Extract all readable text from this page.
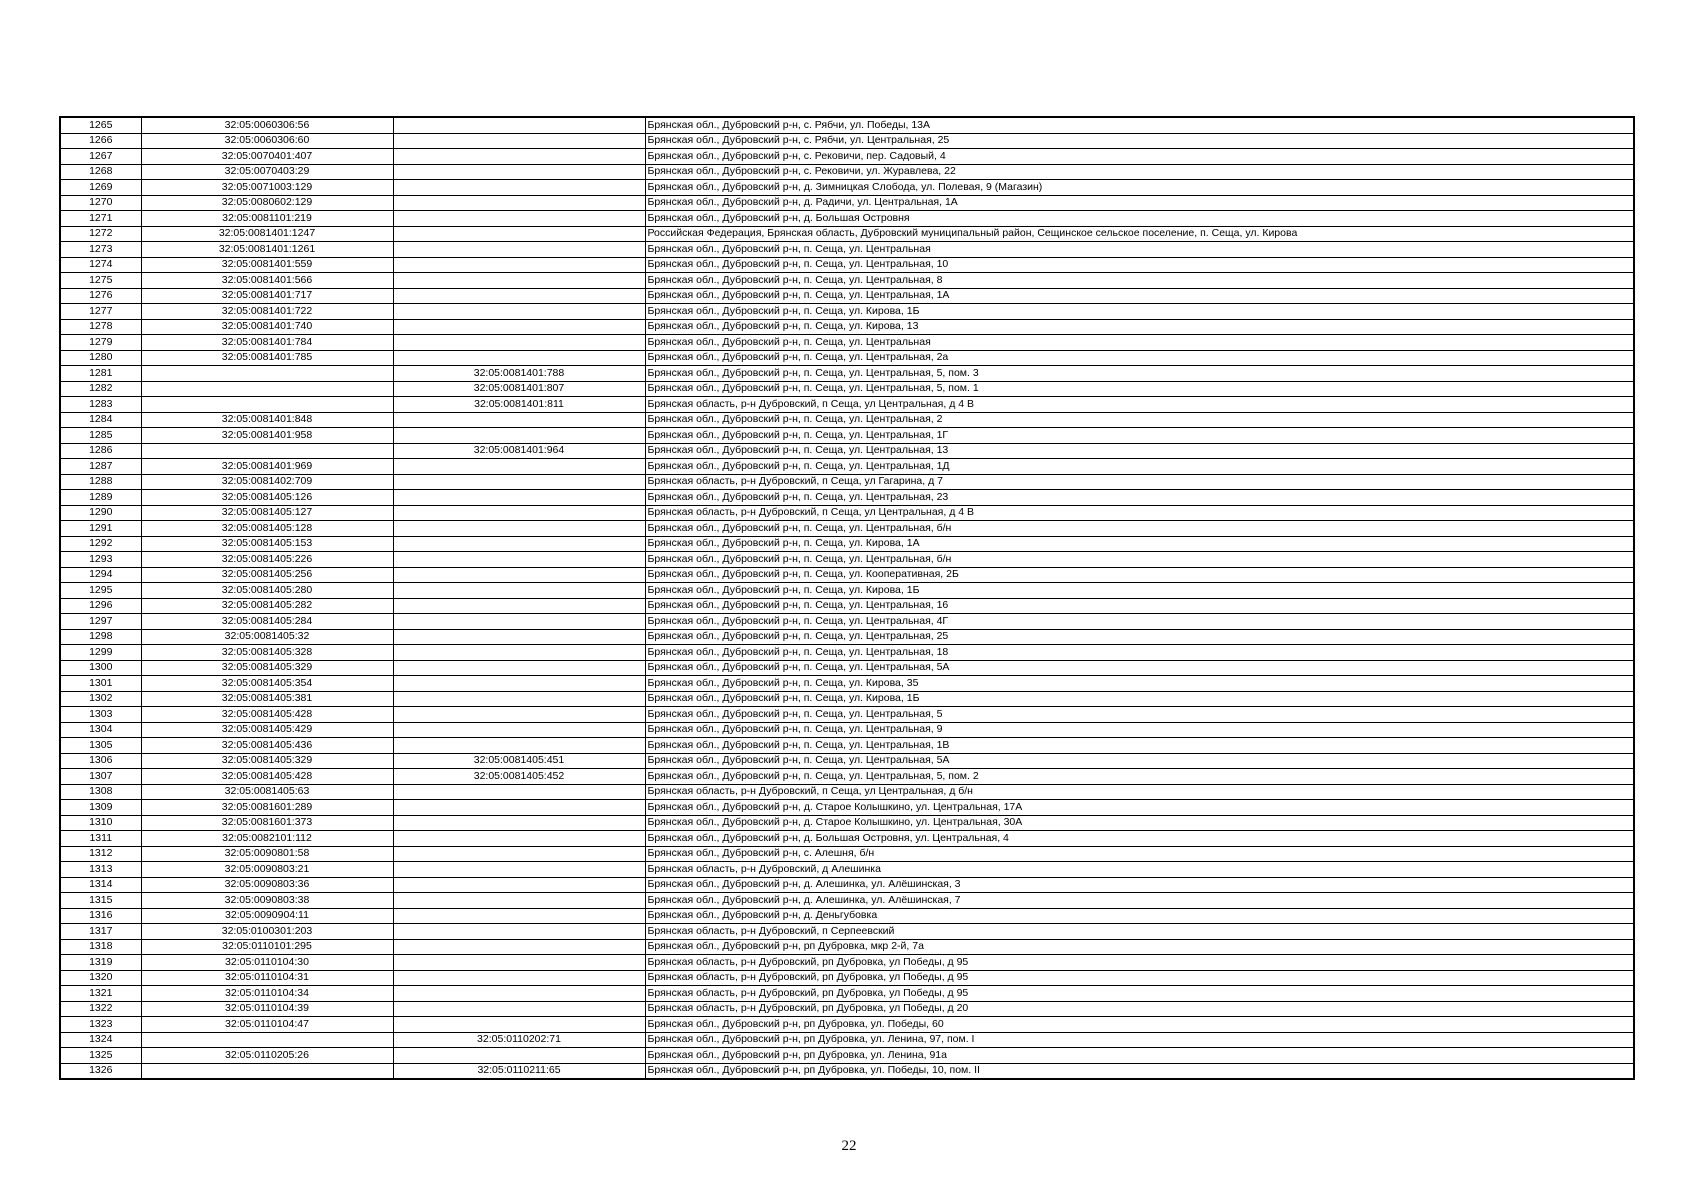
1265	32:05:0060306:56		Брянская обл., Дубровский р-н, с. Рябчи, ул. Победы, 13А
1266	32:05:0060306:60		Брянская обл., Дубровский р-н, с. Рябчи, ул. Центральная, 25
1267	32:05:0070401:407		Брянская обл., Дубровский р-н, с. Рековичи, пер. Садовый, 4
1268	32:05:0070403:29		Брянская обл., Дубровский р-н, с. Рековичи, ул. Журавлева, 22
1269	32:05:0071003:129		Брянская обл., Дубровский р-н, д. Зимницкая Слобода, ул. Полевая, 9 (Магазин)
1270	32:05:0080602:129		Брянская обл., Дубровский р-н, д. Радичи, ул. Центральная, 1А
1271	32:05:0081101:219		Брянская обл., Дубровский р-н, д. Большая Островня
1272	32:05:0081401:1247		Российская Федерация, Брянская область, Дубровский муниципальный район, Сещинское сельское поселение, п. Сеща, ул. Кирова
1273	32:05:0081401:1261		Брянская обл., Дубровский р-н, п. Сеща, ул. Центральная
1274	32:05:0081401:559		Брянская обл., Дубровский р-н, п. Сеща, ул. Центральная, 10
1275	32:05:0081401:566		Брянская обл., Дубровский р-н, п. Сеща, ул. Центральная, 8
1276	32:05:0081401:717		Брянская обл., Дубровский р-н, п. Сеща, ул. Центральная, 1А
1277	32:05:0081401:722		Брянская обл., Дубровский р-н, п. Сеща, ул. Кирова, 1Б
1278	32:05:0081401:740		Брянская обл., Дубровский р-н, п. Сеща, ул. Кирова, 13
1279	32:05:0081401:784		Брянская обл., Дубровский р-н, п. Сеща, ул. Центральная
1280	32:05:0081401:785		Брянская обл., Дубровский р-н, п. Сеща, ул. Центральная, 2а
1281		32:05:0081401:788	Брянская обл., Дубровский р-н, п. Сеща, ул. Центральная, 5, пом. 3
1282		32:05:0081401:807	Брянская обл., Дубровский р-н, п. Сеща, ул. Центральная, 5, пом. 1
1283		32:05:0081401:811	Брянская область, р-н Дубровский, п Сеща, ул Центральная, д 4 В
1284	32:05:0081401:848		Брянская обл., Дубровский р-н, п. Сеща, ул. Центральная, 2
1285	32:05:0081401:958		Брянская обл., Дубровский р-н, п. Сеща, ул. Центральная, 1Г
1286		32:05:0081401:964	Брянская обл., Дубровский р-н, п. Сеща, ул. Центральная, 13
1287	32:05:0081401:969		Брянская обл., Дубровский р-н, п. Сеща, ул. Центральная, 1Д
1288	32:05:0081402:709		Брянская область, р-н Дубровский, п Сеща, ул Гагарина, д 7
1289	32:05:0081405:126		Брянская обл., Дубровский р-н, п. Сеща, ул. Центральная, 23
1290	32:05:0081405:127		Брянская область, р-н Дубровский, п Сеща, ул Центральная, д 4 В
1291	32:05:0081405:128		Брянская обл., Дубровский р-н, п. Сеща, ул. Центральная, б/н
1292	32:05:0081405:153		Брянская обл., Дубровский р-н, п. Сеща, ул. Кирова, 1А
1293	32:05:0081405:226		Брянская обл., Дубровский р-н, п. Сеща, ул. Центральная, б/н
1294	32:05:0081405:256		Брянская обл., Дубровский р-н, п. Сеща, ул. Кооперативная, 2Б
1295	32:05:0081405:280		Брянская обл., Дубровский р-н, п. Сеща, ул. Кирова, 1Б
1296	32:05:0081405:282		Брянская обл., Дубровский р-н, п. Сеща, ул. Центральная, 16
1297	32:05:0081405:284		Брянская обл., Дубровский р-н, п. Сеща, ул. Центральная, 4Г
1298	32:05:0081405:32		Брянская обл., Дубровский р-н, п. Сеща, ул. Центральная, 25
1299	32:05:0081405:328		Брянская обл., Дубровский р-н, п. Сеща, ул. Центральная, 18
1300	32:05:0081405:329		Брянская обл., Дубровский р-н, п. Сеща, ул. Центральная, 5А
1301	32:05:0081405:354		Брянская обл., Дубровский р-н, п. Сеща, ул. Кирова, 35
1302	32:05:0081405:381		Брянская обл., Дубровский р-н, п. Сеща, ул. Кирова, 1Б
1303	32:05:0081405:428		Брянская обл., Дубровский р-н, п. Сеща, ул. Центральная, 5
1304	32:05:0081405:429		Брянская обл., Дубровский р-н, п. Сеща, ул. Центральная, 9
1305	32:05:0081405:436		Брянская обл., Дубровский р-н, п. Сеща, ул. Центральная, 1В
1306	32:05:0081405:329	32:05:0081405:451	Брянская обл., Дубровский р-н, п. Сеща, ул. Центральная, 5А
1307	32:05:0081405:428	32:05:0081405:452	Брянская обл., Дубровский р-н, п. Сеща, ул. Центральная, 5, пом. 2
1308	32:05:0081405:63		Брянская область, р-н Дубровский, п Сеща, ул Центральная, д б/н
1309	32:05:0081601:289		Брянская обл., Дубровский р-н, д. Старое Колышкино, ул. Центральная, 17А
1310	32:05:0081601:373		Брянская обл., Дубровский р-н, д. Старое Колышкино, ул. Центральная, 30А
1311	32:05:0082101:112		Брянская обл., Дубровский р-н, д. Большая Островня, ул. Центральная, 4
1312	32:05:0090801:58		Брянская обл., Дубровский р-н, с. Алешня, б/н
1313	32:05:0090803:21		Брянская область, р-н Дубровский, д Алешинка
1314	32:05:0090803:36		Брянская обл., Дубровский р-н, д. Алешинка, ул. Алёшинская, 3
1315	32:05:0090803:38		Брянская обл., Дубровский р-н, д. Алешинка, ул. Алёшинская, 7
1316	32:05:0090904:11		Брянская обл., Дубровский р-н, д. Деньгубовка
1317	32:05:0100301:203		Брянская область, р-н Дубровский, п Серпеевский
1318	32:05:0110101:295		Брянская обл., Дубровский р-н, рп Дубровка, мкр 2-й, 7а
1319	32:05:0110104:30		Брянская область, р-н Дубровский, рп Дубровка, ул Победы, д 95
1320	32:05:0110104:31		Брянская область, р-н Дубровский, рп Дубровка, ул Победы, д 95
1321	32:05:0110104:34		Брянская область, р-н Дубровский, рп Дубровка, ул Победы, д 95
1322	32:05:0110104:39		Брянская область, р-н Дубровский, рп Дубровка, ул Победы, д 20
1323	32:05:0110104:47		Брянская обл., Дубровский р-н, рп Дубровка, ул. Победы, 60
1324		32:05:0110202:71	Брянская обл., Дубровский р-н, рп Дубровка, ул. Ленина, 97, пом. I
1325	32:05:0110205:26		Брянская обл., Дубровский р-н, рп Дубровка, ул. Ленина, 91а
1326		32:05:0110211:65	Брянская обл., Дубровский р-н, рп Дубровка, ул. Победы, 10, пом. II
22
